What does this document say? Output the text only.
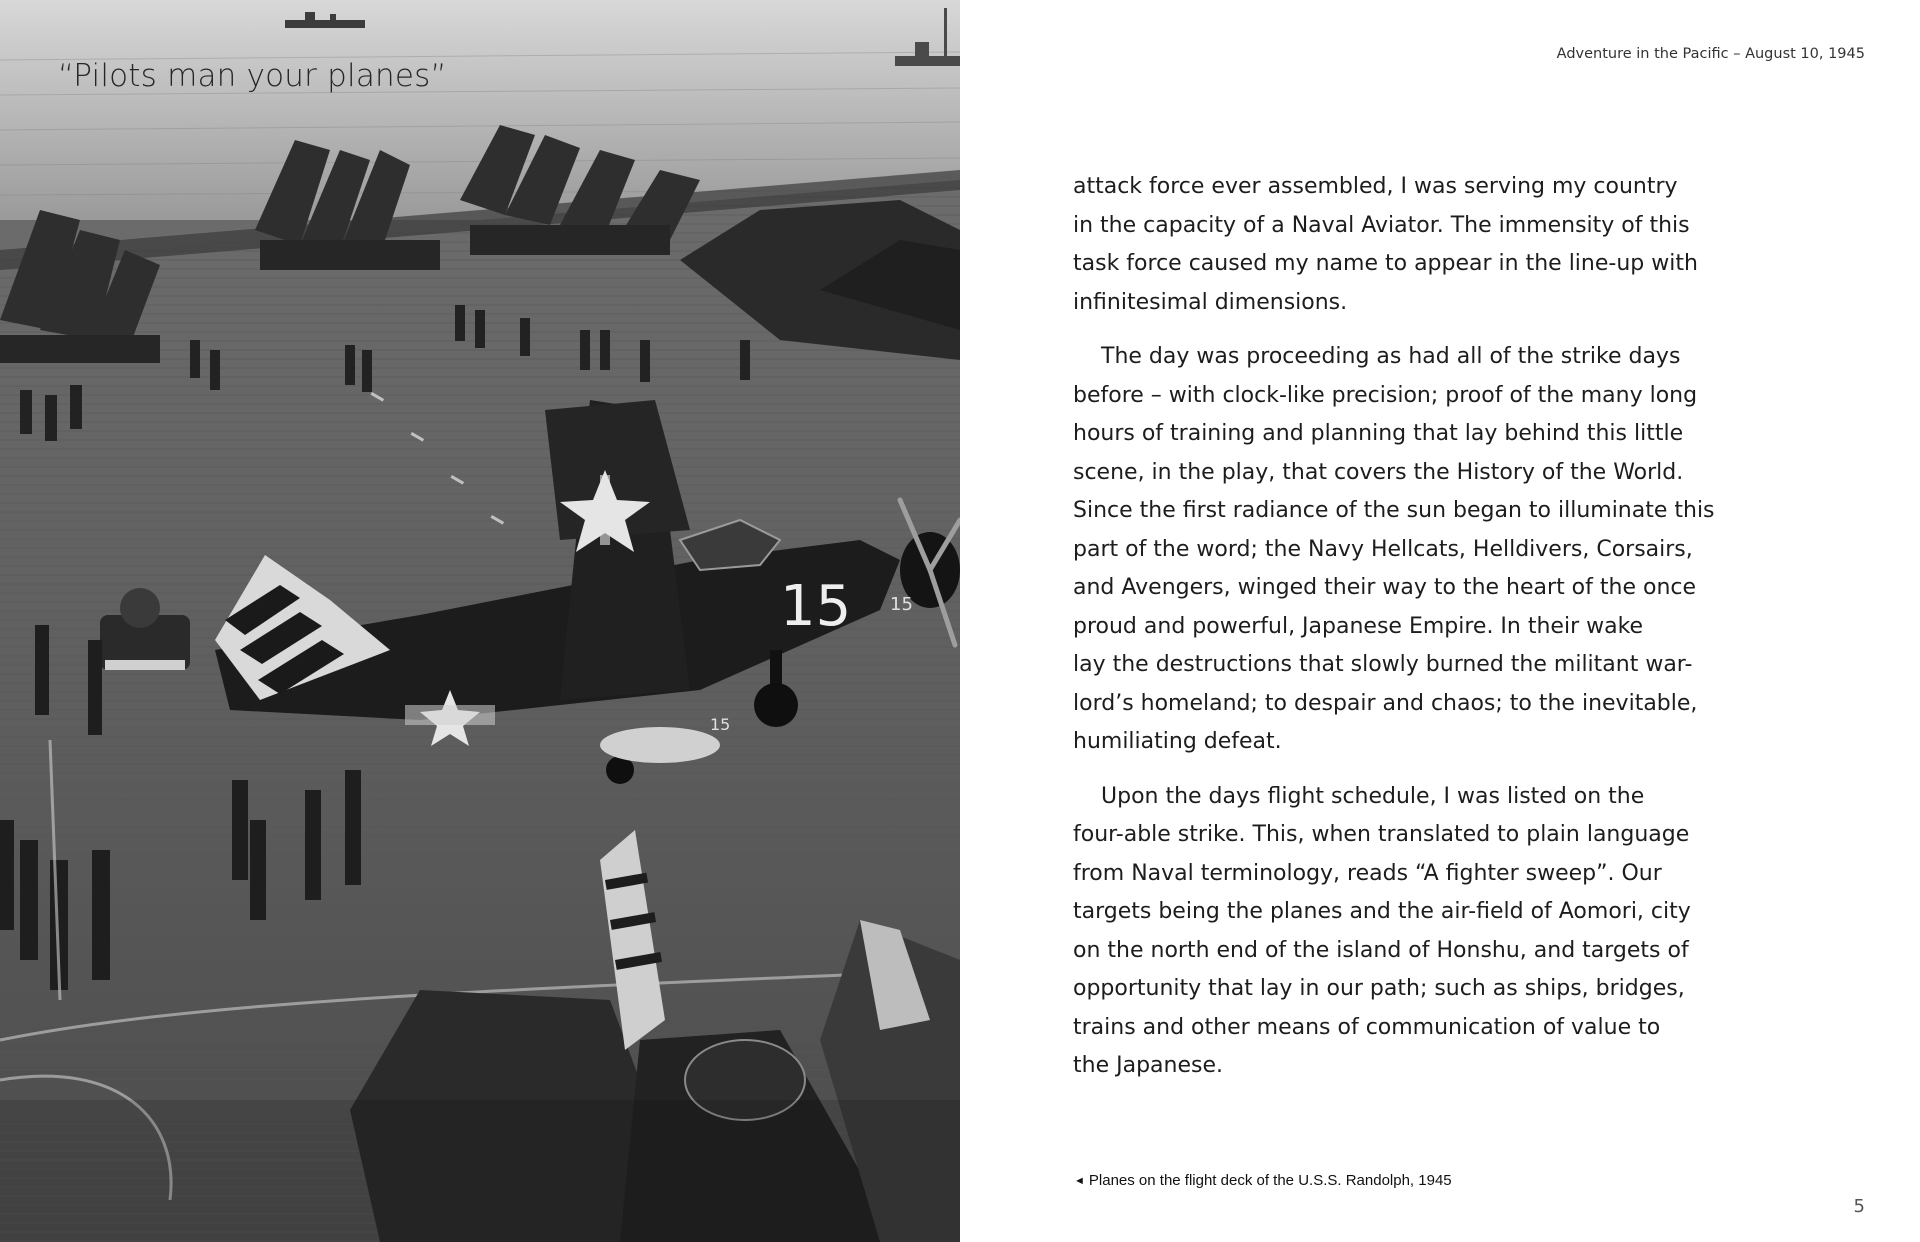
15 15
15
“Pilots man your planes”
Adventure in the Pacific – August 10, 1945

attack force ever assembled, I was serving my country
in the capacity of a Naval Aviator. The immensity of this
task force caused my name to appear in the line-up with
infinitesimal dimensions.

The day was proceeding as had all of the strike days
before – with clock-like precision; proof of the many long
hours of training and planning that lay behind this little
scene, in the play, that covers the History of the World.
Since the first radiance of the sun began to illuminate this
part of the word; the Navy Hellcats, Helldivers, Corsairs,
and Avengers, winged their way to the heart of the once
proud and powerful, Japanese Empire. In their wake
lay the destructions that slowly burned the militant war-
lord’s homeland; to despair and chaos; to the inevitable,
humiliating defeat.

Upon the days flight schedule, I was listed on the
four-able strike. This, when translated to plain language
from Naval terminology, reads “A fighter sweep”. Our
targets being the planes and the air-field of Aomori, city
on the north end of the island of Honshu, and targets of
opportunity that lay in our path; such as ships, bridges,
trains and other means of communication of value to
the Japanese.

◄ Planes on the flight deck of the U.S.S. Randolph, 1945
5
